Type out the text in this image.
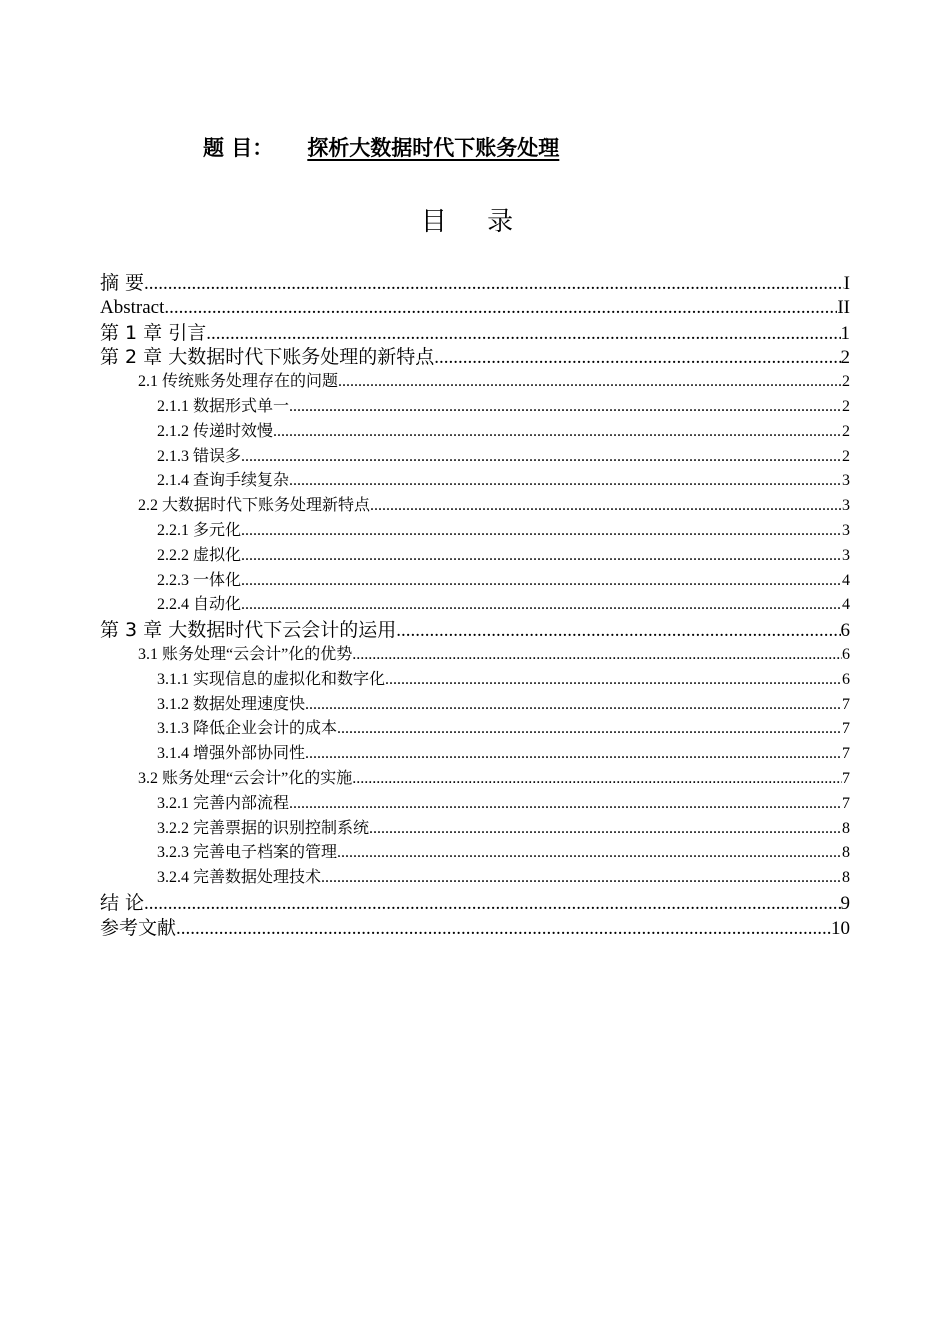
题 目： 探析大数据时代下账务处理
目 录
摘 要 .....	I
Abstract .....	II
第 1 章 引言 .....	1
第 2 章 大数据时代下账务处理的新特点 .....	2
2.1 传统账务处理存在的问题 .....	2
2.1.1 数据形式单一 .....	2
2.1.2 传递时效慢 .....	2
2.1.3 错误多 .....	2
2.1.4 查询手续复杂 .....	3
2.2 大数据时代下账务处理新特点 .....	3
2.2.1 多元化 .....	3
2.2.2 虚拟化 .....	3
2.2.3 一体化 .....	4
2.2.4 自动化 .....	4
第 3 章 大数据时代下云会计的运用 .....	6
3.1 账务处理“云会计”化的优势 .....	6
3.1.1 实现信息的虚拟化和数字化 .....	6
3.1.2 数据处理速度快 .....	7
3.1.3 降低企业会计的成本 .....	7
3.1.4 增强外部协同性 .....	7
3.2 账务处理“云会计”化的实施 .....	7
3.2.1 完善内部流程 .....	7
3.2.2 完善票据的识别控制系统 .....	8
3.2.3 完善电子档案的管理 .....	8
3.2.4 完善数据处理技术 .....	8
结 论 .....	9
参考文献 .....	10
